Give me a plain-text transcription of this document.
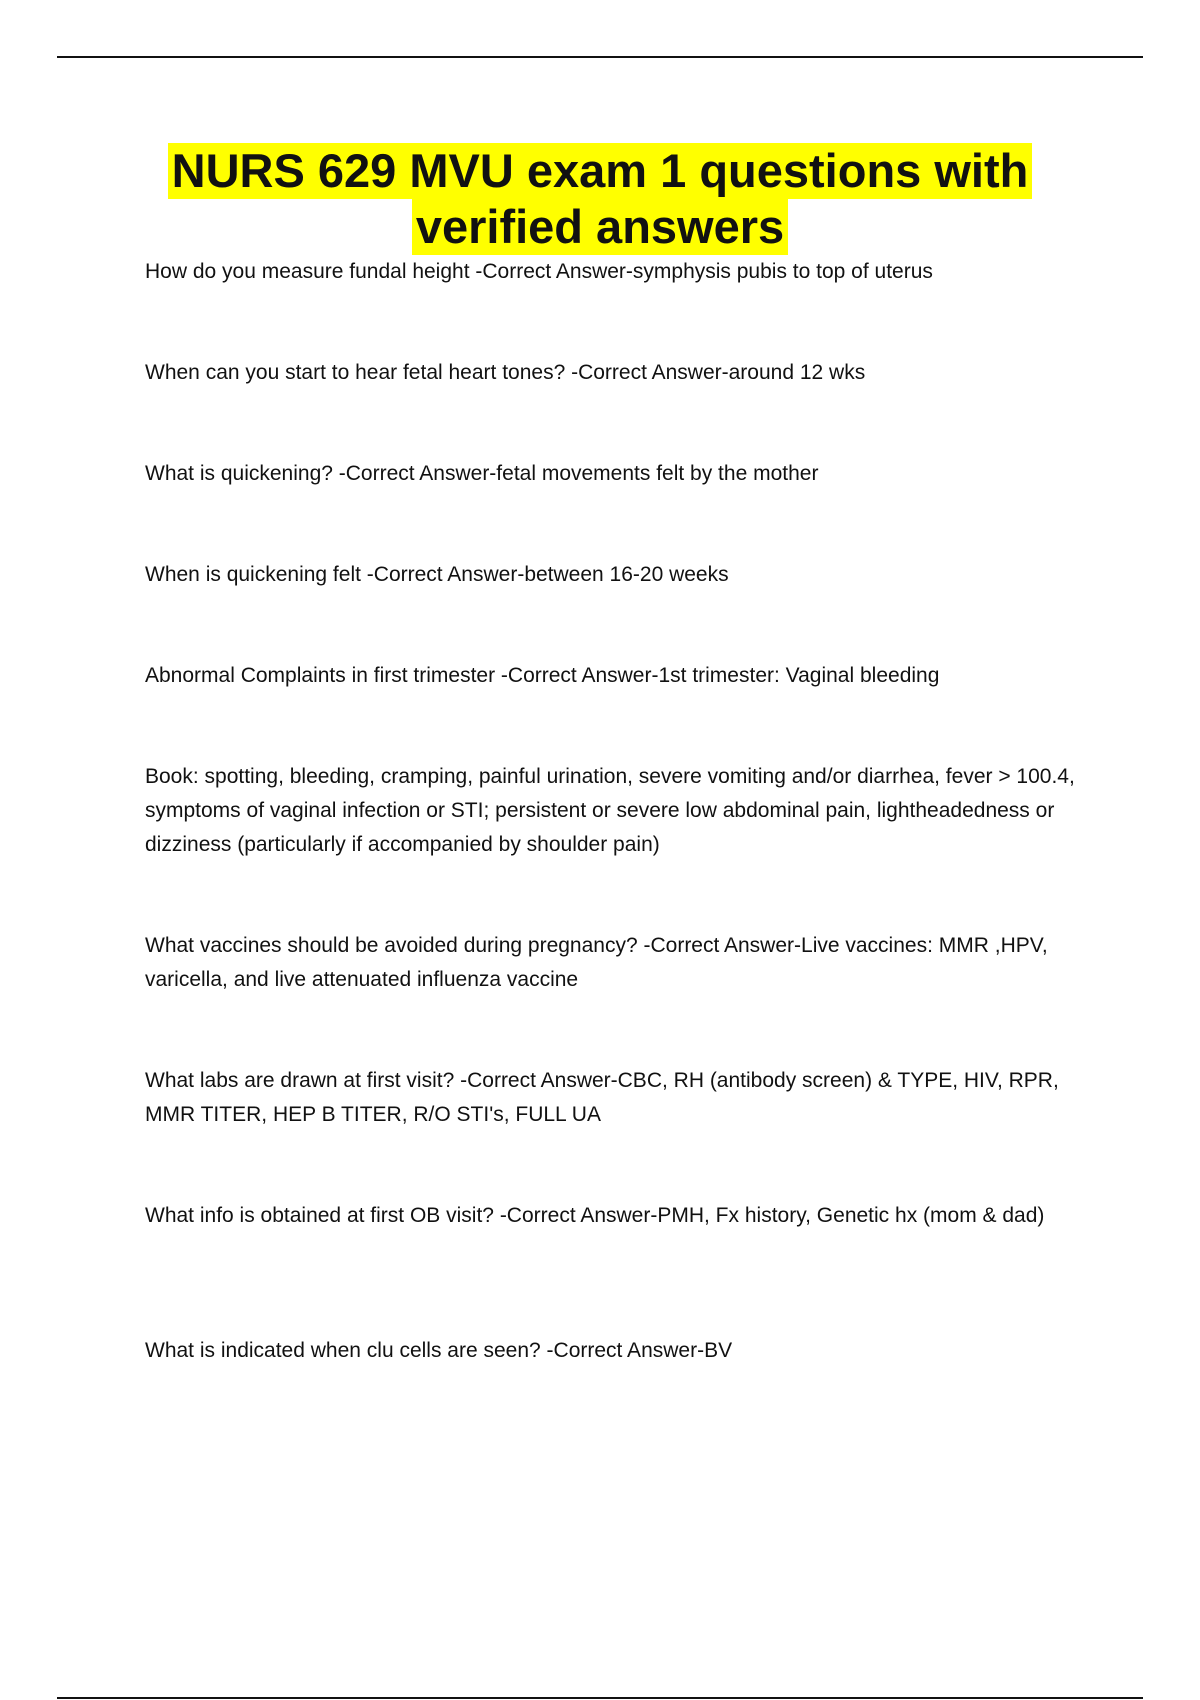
NURS 629 MVU exam 1 questions with
verified answers

How do you measure fundal height -Correct Answer-symphysis pubis to top of uterus

When can you start to hear fetal heart tones? -Correct Answer-around 12 wks

What is quickening? -Correct Answer-fetal movements felt by the mother

When is quickening felt -Correct Answer-between 16-20 weeks

Abnormal Complaints in first trimester -Correct Answer-1st trimester: Vaginal bleeding

Book: spotting, bleeding, cramping, painful urination, severe vomiting and/or diarrhea, fever > 100.4, symptoms of vaginal infection or STI; persistent or severe low abdominal pain, lightheadedness or dizziness (particularly if accompanied by shoulder pain)

What vaccines should be avoided during pregnancy? -Correct Answer-Live vaccines: MMR ,HPV, varicella, and live attenuated influenza vaccine

What labs are drawn at first visit? -Correct Answer-CBC, RH (antibody screen) & TYPE, HIV, RPR, MMR TITER, HEP B TITER, R/O STI's, FULL UA

What info is obtained at first OB visit? -Correct Answer-PMH, Fx history, Genetic hx (mom & dad)

What is indicated when clu cells are seen? -Correct Answer-BV
